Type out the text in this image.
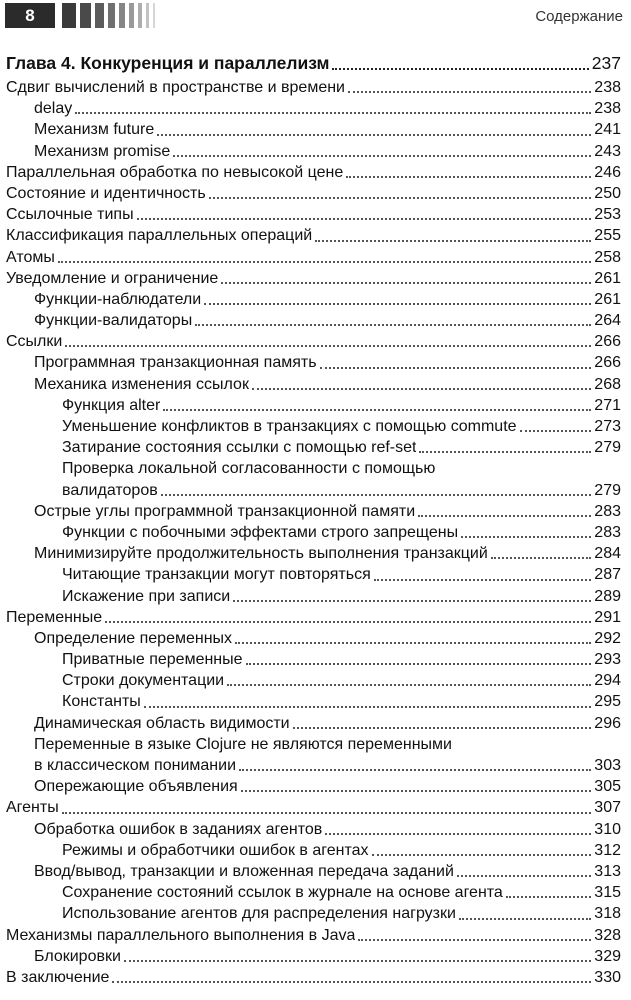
8	Содержание
Глава 4. Конкуренция и параллелизм	237
Сдвиг вычислений в пространстве и времени	238
delay	238
Механизм future	241
Механизм promise	243
Параллельная обработка по невысокой цене	246
Состояние и идентичность	250
Ссылочные типы	253
Классификация параллельных операций	255
Атомы	258
Уведомление и ограничение	261
Функции-наблюдатели	261
Функции-валидаторы	264
Ссылки	266
Программная транзакционная память	266
Механика изменения ссылок	268
Функция alter	271
Уменьшение конфликтов в транзакциях с помощью commute	273
Затирание состояния ссылки с помощью ref-set	279
Проверка локальной согласованности с помощью
валидаторов	279
Острые углы программной транзакционной памяти	283
Функции с побочными эффектами строго запрещены	283
Минимизируйте продолжительность выполнения транзакций	284
Читающие транзакции могут повторяться	287
Искажение при записи	289
Переменные	291
Определение переменных	292
Приватные переменные	293
Строки документации	294
Константы	295
Динамическая область видимости	296
Переменные в языке Clojure не являются переменными
в классическом понимании	303
Опережающие объявления	305
Агенты	307
Обработка ошибок в заданиях агентов	310
Режимы и обработчики ошибок в агентах	312
Ввод/вывод, транзакции и вложенная передача заданий	313
Сохранение состояний ссылок в журнале на основе агента	315
Использование агентов для распределения нагрузки	318
Механизмы параллельного выполнения в Java	328
Блокировки	329
В заключение	330
